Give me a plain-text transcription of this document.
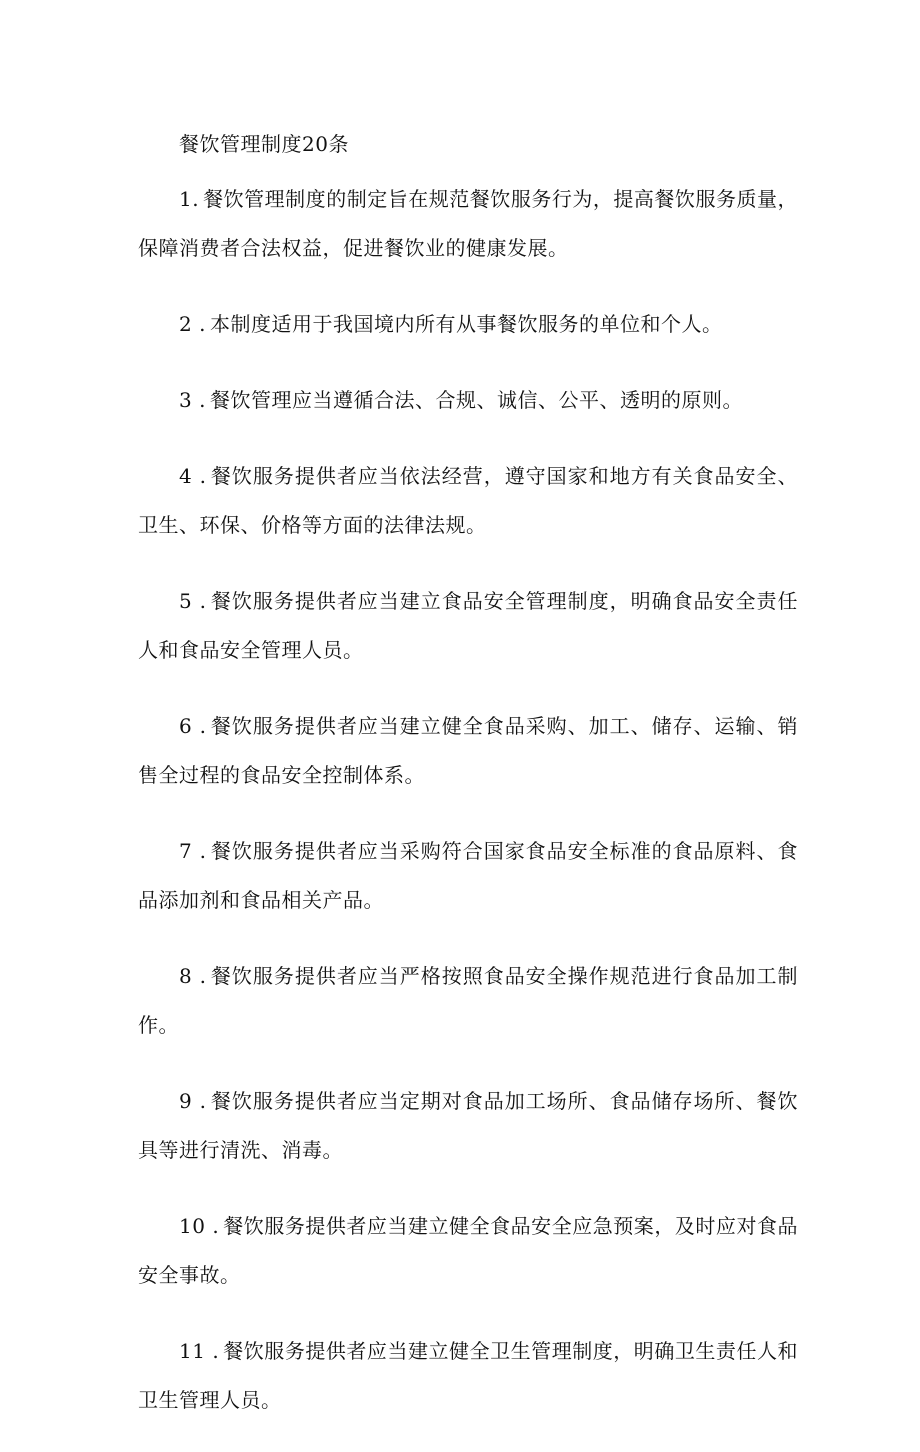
餐饮管理制度20条

1. 餐饮管理制度的制定旨在规范餐饮服务行为，提高餐饮服务质量，保障消费者合法权益，促进餐饮业的健康发展。

2 . 本制度适用于我国境内所有从事餐饮服务的单位和个人。

3 . 餐饮管理应当遵循合法、合规、诚信、公平、透明的原则。

4 . 餐饮服务提供者应当依法经营，遵守国家和地方有关食品安全、卫生、环保、价格等方面的法律法规。

5 . 餐饮服务提供者应当建立食品安全管理制度，明确食品安全责任人和食品安全管理人员。

6 . 餐饮服务提供者应当建立健全食品采购、加工、储存、运输、销售全过程的食品安全控制体系。

7 . 餐饮服务提供者应当采购符合国家食品安全标准的食品原料、食品添加剂和食品相关产品。

8 . 餐饮服务提供者应当严格按照食品安全操作规范进行食品加工制作。

9 . 餐饮服务提供者应当定期对食品加工场所、食品储存场所、餐饮具等进行清洗、消毒。

10 . 餐饮服务提供者应当建立健全食品安全应急预案，及时应对食品安全事故。

11 . 餐饮服务提供者应当建立健全卫生管理制度，明确卫生责任人和卫生管理人员。
